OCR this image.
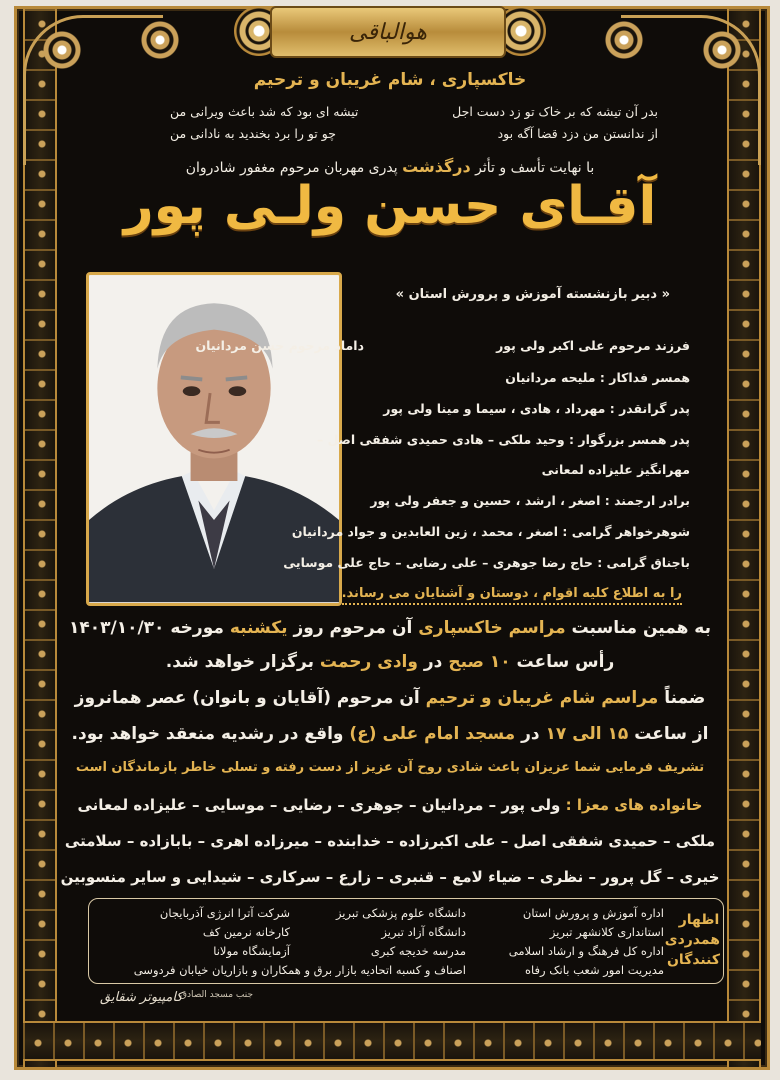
هوالباقی
خاکسپاری ، شام غریبان و ترحیم
بدر آن تیشه که بر خاک تو زد دست اجل
تیشه ای بود که شد باعث ویرانی من
از ندانستن من دزد قضا آگه بود
چو تو را برد بخندید به نادانی من
با نهایت تأسف و تأثر درگذشت پدری مهربان مرحوم مغفور شادروان
آقـای حسن ولـی پور
« دبیر بازنشسته آموزش و پرورش استان »
فرزند مرحوم علی اکبر ولی پور
داماد مرحوم حسن مردانیان
همسر فداکار : ملیحه مردانیان
پدر گرانقدر : مهرداد ، هادی ، سیما و مینا ولی پور
پدر همسر بزرگوار : وحید ملکی – هادی حمیدی شفقی اصل –
مهرانگیز علیزاده لمعانی
برادر ارجمند : اصغر ، ارشد ، حسین و جعفر ولی پور
شوهرخواهر گرامی : اصغر ، محمد ، زین العابدین و جواد مردانیان
باجناق گرامی : حاج رضا جوهری – علی رضایی – حاج علی موسایی
را به اطلاع کلیه اقوام ، دوستان و آشنایان می رساند.
به همین مناسبت مراسم خاکسپاری آن مرحوم روز یکشنبه مورخه ۱۴۰۳/۱۰/۳۰
رأس ساعت ۱۰ صبح در وادی رحمت برگزار خواهد شد.
ضمناً مراسم شام غریبان و ترحیم آن مرحوم (آقایان و بانوان) عصر همانروز
از ساعت ۱۵ الی ۱۷ در مسجد امام علی (ع) واقع در رشدیه منعقد خواهد بود.
تشریف فرمایی شما عزیزان باعث شادی روح آن عزیز از دست رفته و تسلی خاطر بازماندگان است
خانواده های معزا : ولی پور – مردانیان – جوهری – رضایی – موسایی – علیزاده لمعانی
ملکی – حمیدی شفقی اصل – علی اکبرزاده – خدابنده – میرزاده اهری – بابازاده – سلامتی
خیری – گل پرور – نظری – ضیاء لامع – قنبری – زارع – سرکاری – شیدایی و سایر منسوبین
اظهار همدردی کنندگان
اداره آموزش و پرورش استان
استانداری کلانشهر تبریز
اداره کل فرهنگ و ارشاد اسلامی
مدیریت امور شعب بانک رفاه
دانشگاه علوم پزشکی تبریز
دانشگاه آزاد تبریز
مدرسه خدیجه کبری
اصناف و کسبه اتحادیه بازار برق و همکاران و بازاریان خیابان فردوسی
شرکت آترا انرژی آذربایجان
کارخانه نرمین کف
آزمایشگاه مولانا
کامپیوتر شقایق
جنب مسجد الصادق
